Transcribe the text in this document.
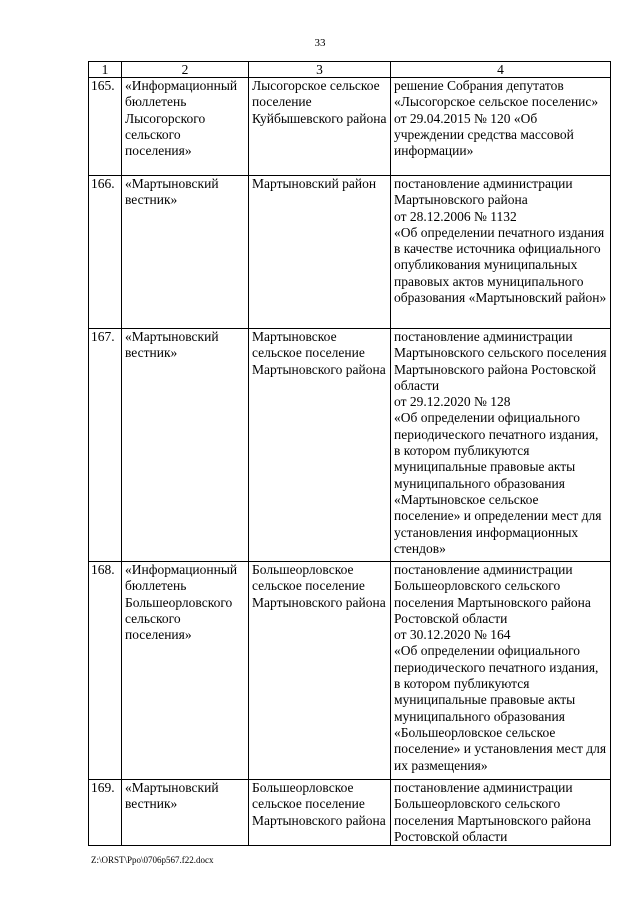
33
1	2	3	4
165.	«Информационный бюллетень Лысогорского сельского поселения»	Лысогорское сельское поселение Куйбышевского района	решение Собрания депутатов «Лысогорское сельское поселенис» от 29.04.2015 № 120 «Об учреждении средства массовой информации»
166.	«Мартыновский вестник»	Мартыновский район	постановление администрации Мартыновского района
от 28.12.2006 № 1132
«Об определении печатного издания в качестве источника официального опубликования муниципальных правовых актов муниципального образования «Мартыновский район»
167.	«Мартыновский вестник»	Мартыновское сельское поселение Мартыновского района	постановление администрации Мартыновского сельского поселения Мартыновского района Ростовской области
от 29.12.2020 № 128
«Об определении официального периодического печатного издания, в котором публикуются муниципальные правовые акты муниципального образования «Мартыновское сельское поселение» и определении мест для установления информационных стендов»
168.	«Информационный бюллетень Большеорловского сельского поселения»	Большеорловское сельское поселение Мартыновского района	постановление администрации Большеорловского сельского поселения Мартыновского района Ростовской области
от 30.12.2020 № 164
«Об определении официального периодического печатного издания, в котором публикуются муниципальные правовые акты муниципального образования «Большеорловское сельское поселение» и установления мест для их размещения»
169.	«Мартыновский вестник»	Большеорловское сельское поселение Мартыновского района	постановление администрации Большеорловского сельского поселения Мартыновского района Ростовской области
Z:\ORST\Ppo\0706p567.f22.docx
